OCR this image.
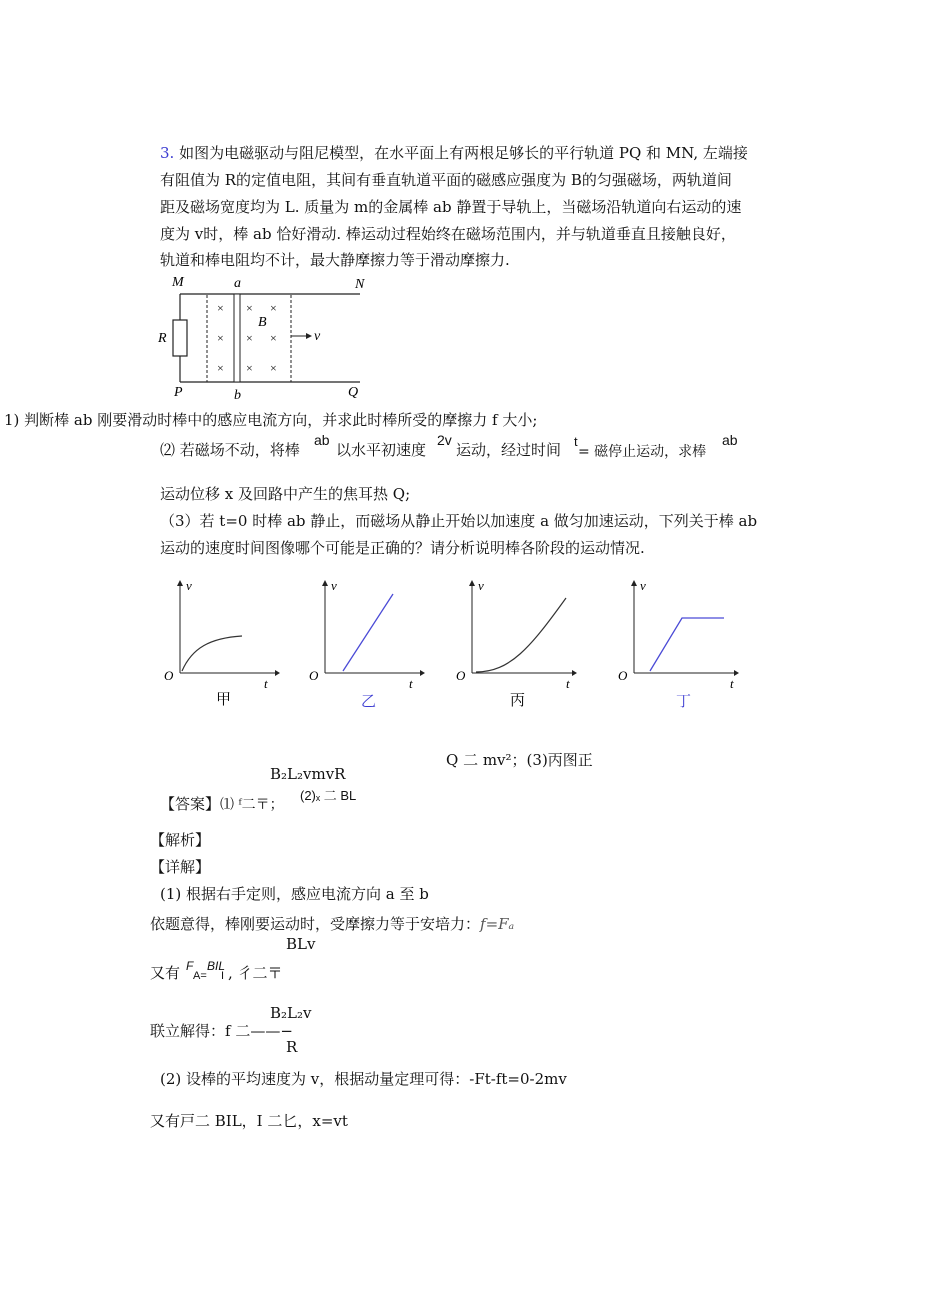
3. 如图为电磁驱动与阻尼模型，在水平面上有两根足够长的平行轨道 PQ 和 MN, 左端接
有阻值为 R的定值电阻，其间有垂直轨道平面的磁感应强度为 B的匀强磁场，两轨道间
距及磁场宽度均为 L. 质量为 m的金属棒 ab 静置于导轨上，当磁场沿轨道向右运动的速
度为 v时，棒 ab 恰好滑动. 棒运动过程始终在磁场范围内，并与轨道垂直且接触良好，
轨道和棒电阻均不计，最大静摩擦力等于滑动摩擦力.
×
×
×
× ×
× ×
× ×
M	N
a
b
P	Q
R
B
v
1) 判断棒 ab 刚要滑动时棒中的感应电流方向，并求此时棒所受的摩擦力 f 大小;
⑵ 若磁场不动，将棒
ab
以水平初速度
2v
运动，经过时间 t
= 磁停止运动，求棒
ab
运动位移 x 及回路中产生的焦耳热 Q;
（3）若 t=0 时棒 ab 静止，而磁场从静止开始以加速度 a 做匀加速运动，下列关于棒 ab
运动的速度时间图像哪个可能是正确的？请分析说明棒各阶段的运动情况.
v
t
O
甲
v
t
O
乙
v
t
O
丙
v
t
O
丁
Q 二 mv²；(3)丙图正
B₂L₂vmvR
【答案】⑴ ᶠ二〒；
(2)ₓ 二 BL
【解析】
【详解】
(1) 根据右手定则，感应电流方向 a 至 b
依题意得，棒刚要运动时，受摩擦力等于安培力：f=Fₐ
BLv
又有 F
A=
BIL
I , 彳二〒
B₂L₂v
联立解得：f 二——−
R
(2) 设棒的平均速度为 v，根据动量定理可得：-Ft-ft=0-2mv
又有戸二 BIL，I 二匕，x=vt
